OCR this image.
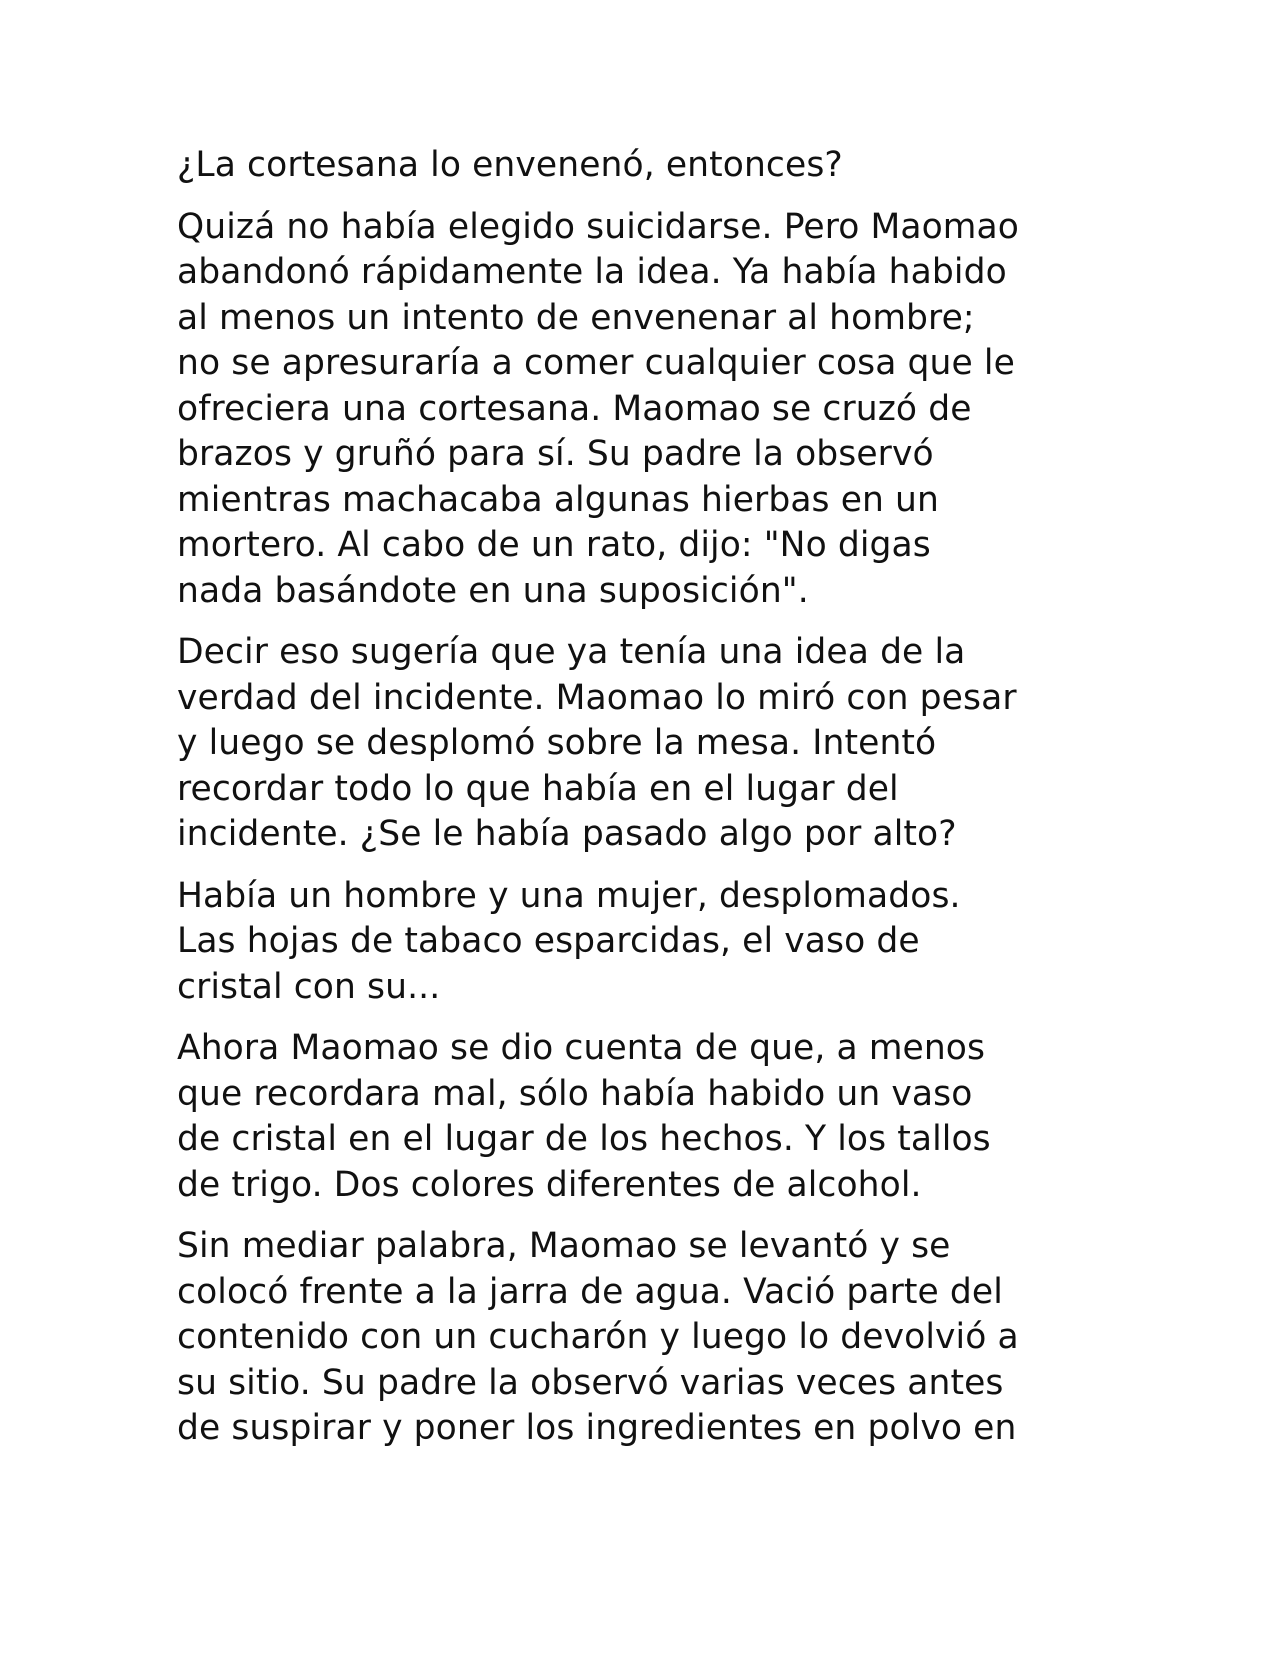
¿La cortesana lo envenenó, entonces?

Quizá no había elegido suicidarse. Pero Maomao
abandonó rápidamente la idea. Ya había habido
al menos un intento de envenenar al hombre;
no se apresuraría a comer cualquier cosa que le
ofreciera una cortesana. Maomao se cruzó de
brazos y gruñó para sí. Su padre la observó
mientras machacaba algunas hierbas en un
mortero. Al cabo de un rato, dijo: "No digas
nada basándote en una suposición".

Decir eso sugería que ya tenía una idea de la
verdad del incidente. Maomao lo miró con pesar
y luego se desplomó sobre la mesa. Intentó
recordar todo lo que había en el lugar del
incidente. ¿Se le había pasado algo por alto?

Había un hombre y una mujer, desplomados.
Las hojas de tabaco esparcidas, el vaso de
cristal con su...

Ahora Maomao se dio cuenta de que, a menos
que recordara mal, sólo había habido un vaso
de cristal en el lugar de los hechos. Y los tallos
de trigo. Dos colores diferentes de alcohol.

Sin mediar palabra, Maomao se levantó y se
colocó frente a la jarra de agua. Vació parte del
contenido con un cucharón y luego lo devolvió a
su sitio. Su padre la observó varias veces antes
de suspirar y poner los ingredientes en polvo en
